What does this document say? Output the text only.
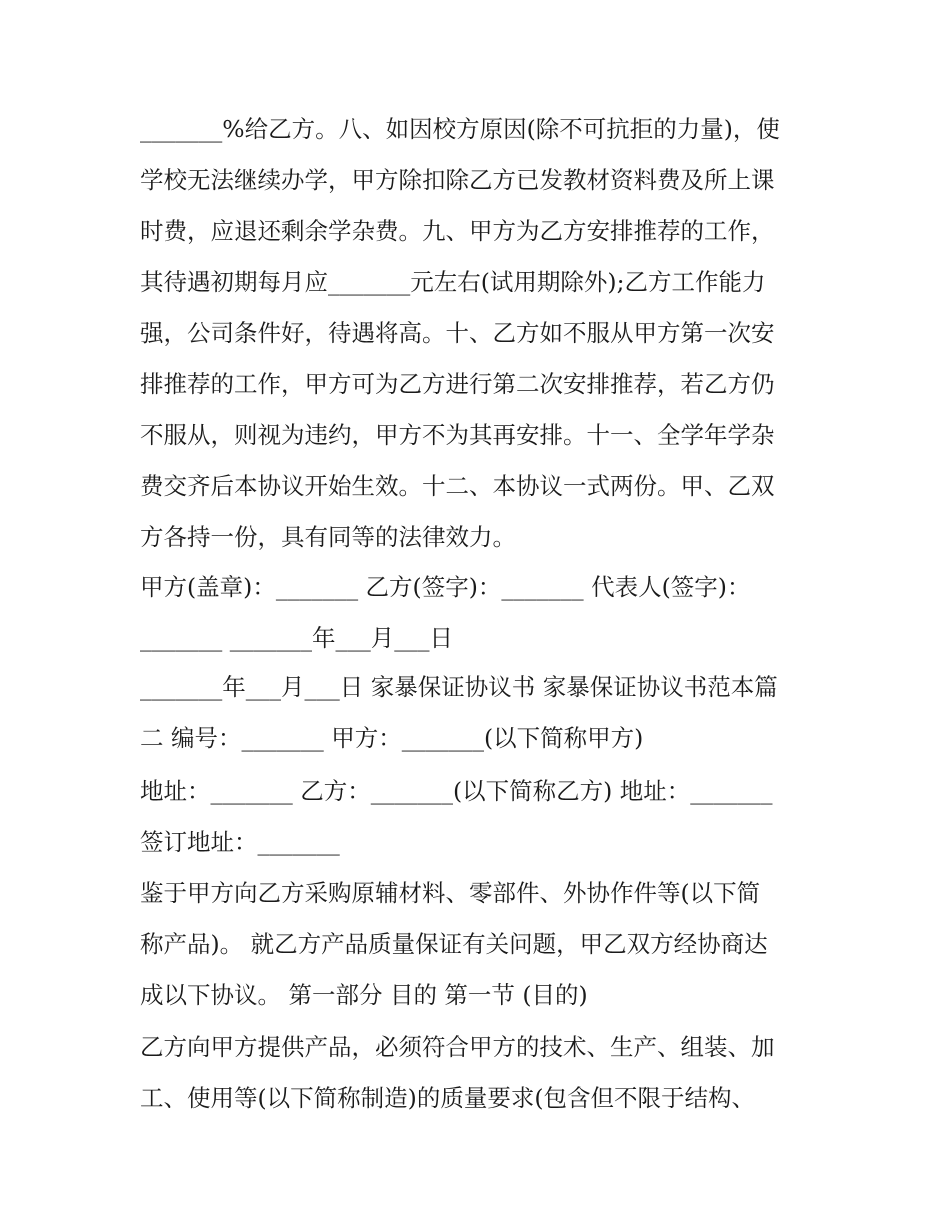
_______%给乙方。八、如因校方原因(除不可抗拒的力量)，使
学校无法继续办学，甲方除扣除乙方已发教材资料费及所上课
时费，应退还剩余学杂费。九、甲方为乙方安排推荐的工作，
其待遇初期每月应_______元左右(试用期除外);乙方工作能力
强，公司条件好，待遇将高。十、乙方如不服从甲方第一次安
排推荐的工作，甲方可为乙方进行第二次安排推荐，若乙方仍
不服从，则视为违约，甲方不为其再安排。十一、全学年学杂
费交齐后本协议开始生效。十二、本协议一式两份。甲、乙双
方各持一份，具有同等的法律效力。
甲方(盖章)：_______ 乙方(签字)：_______ 代表人(签字)：
_______ _______年___月___日
_______年___月___日 家暴保证协议书 家暴保证协议书范本篇
二 编号：_______ 甲方：_______(以下简称甲方)
地址：_______ 乙方：_______(以下简称乙方) 地址：_______
签订地址：_______
鉴于甲方向乙方采购原辅材料、零部件、外协作件等(以下简
称产品)。 就乙方产品质量保证有关问题，甲乙双方经协商达
成以下协议。 第一部分 目的 第一节 (目的)
乙方向甲方提供产品，必须符合甲方的技术、生产、组装、加
工、使用等(以下简称制造)的质量要求(包含但不限于结构、
